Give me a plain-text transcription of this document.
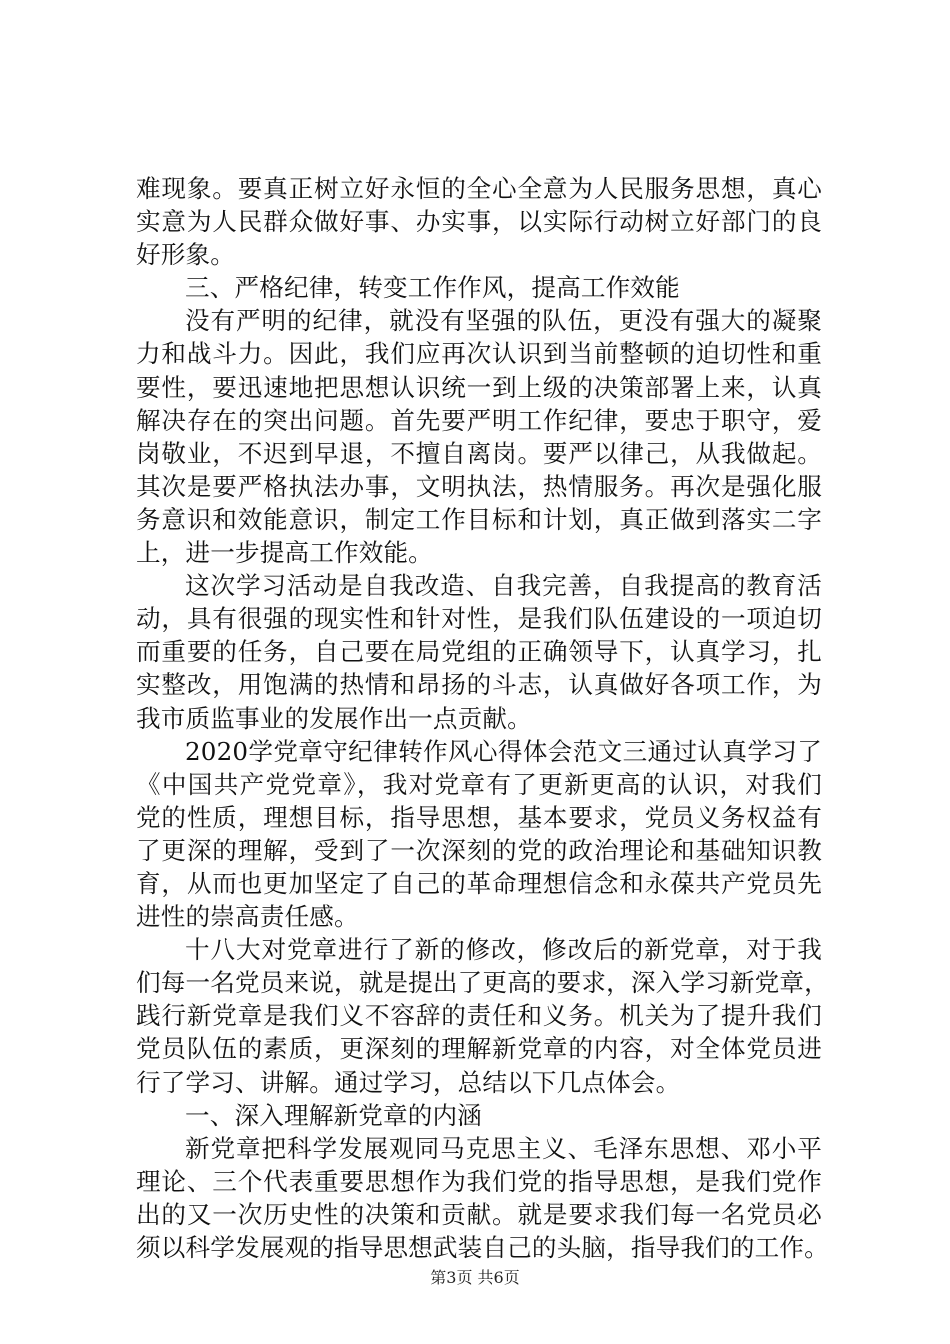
难现象。要真正树立好永恒的全心全意为人民服务思想，真心
实意为人民群众做好事、办实事，以实际行动树立好部门的良
好形象。
三、严格纪律，转变工作作风，提高工作效能
没有严明的纪律，就没有坚强的队伍，更没有强大的凝聚
力和战斗力。因此，我们应再次认识到当前整顿的迫切性和重
要性，要迅速地把思想认识统一到上级的决策部署上来，认真
解决存在的突出问题。首先要严明工作纪律，要忠于职守，爱
岗敬业，不迟到早退，不擅自离岗。要严以律己，从我做起。
其次是要严格执法办事，文明执法，热情服务。再次是强化服
务意识和效能意识，制定工作目标和计划，真正做到落实二字
上，进一步提高工作效能。
这次学习活动是自我改造、自我完善，自我提高的教育活
动，具有很强的现实性和针对性，是我们队伍建设的一项迫切
而重要的任务，自己要在局党组的正确领导下，认真学习，扎
实整改，用饱满的热情和昂扬的斗志，认真做好各项工作，为
我市质监事业的发展作出一点贡献。
2020学党章守纪律转作风心得体会范文三通过认真学习了
《中国共产党党章》，我对党章有了更新更高的认识，对我们
党的性质，理想目标，指导思想，基本要求，党员义务权益有
了更深的理解，受到了一次深刻的党的政治理论和基础知识教
育，从而也更加坚定了自己的革命理想信念和永葆共产党员先
进性的崇高责任感。
十八大对党章进行了新的修改，修改后的新党章，对于我
们每一名党员来说，就是提出了更高的要求，深入学习新党章，
践行新党章是我们义不容辞的责任和义务。机关为了提升我们
党员队伍的素质，更深刻的理解新党章的内容，对全体党员进
行了学习、讲解。通过学习，总结以下几点体会。
一、深入理解新党章的内涵
新党章把科学发展观同马克思主义、毛泽东思想、邓小平
理论、三个代表重要思想作为我们党的指导思想，是我们党作
出的又一次历史性的决策和贡献。就是要求我们每一名党员必
须以科学发展观的指导思想武装自己的头脑，指导我们的工作。
第3页 共6页
